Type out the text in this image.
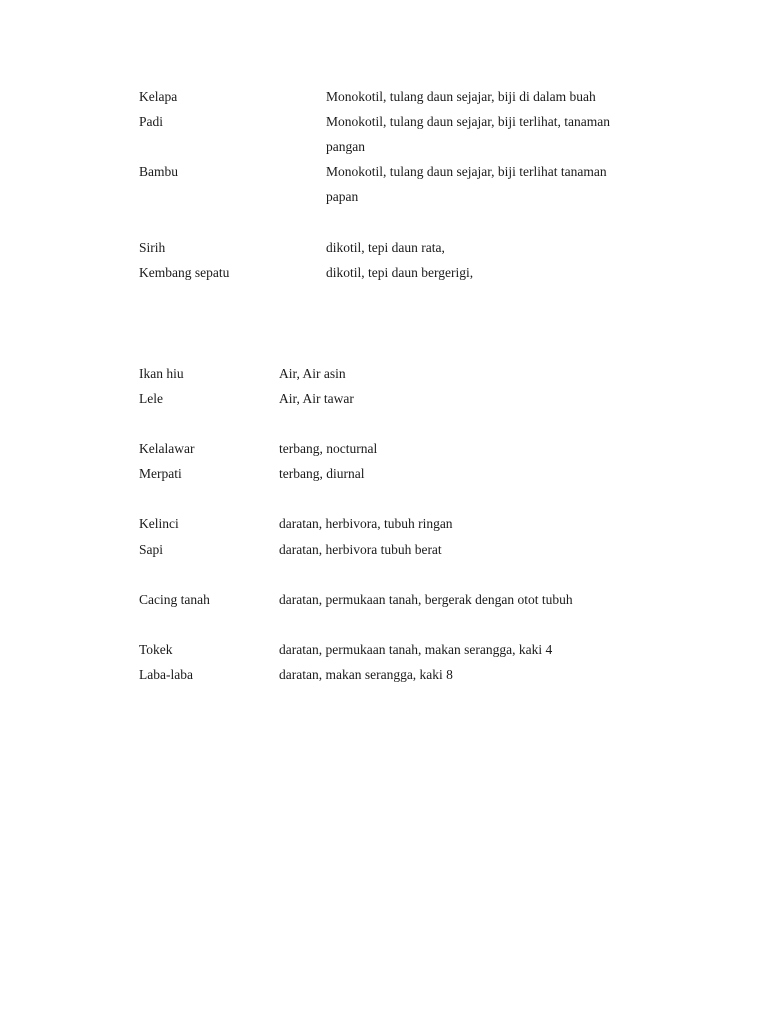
Kelapa	Monokotil, tulang daun sejajar, biji di dalam buah
Padi	Monokotil, tulang daun sejajar, biji terlihat, tanaman
pangan
Bambu	Monokotil, tulang daun sejajar, biji terlihat tanaman
papan
Sirih	dikotil, tepi daun rata,
Kembang sepatu	dikotil, tepi daun bergerigi,
Ikan hiu	Air, Air asin
Lele	Air, Air tawar
Kelalawar	terbang, nocturnal
Merpati	terbang, diurnal
Kelinci	daratan, herbivora, tubuh ringan
Sapi	daratan, herbivora tubuh berat
Cacing tanah	daratan, permukaan tanah, bergerak dengan otot tubuh
Tokek	daratan, permukaan tanah, makan serangga, kaki 4
Laba-laba	daratan, makan serangga, kaki 8
